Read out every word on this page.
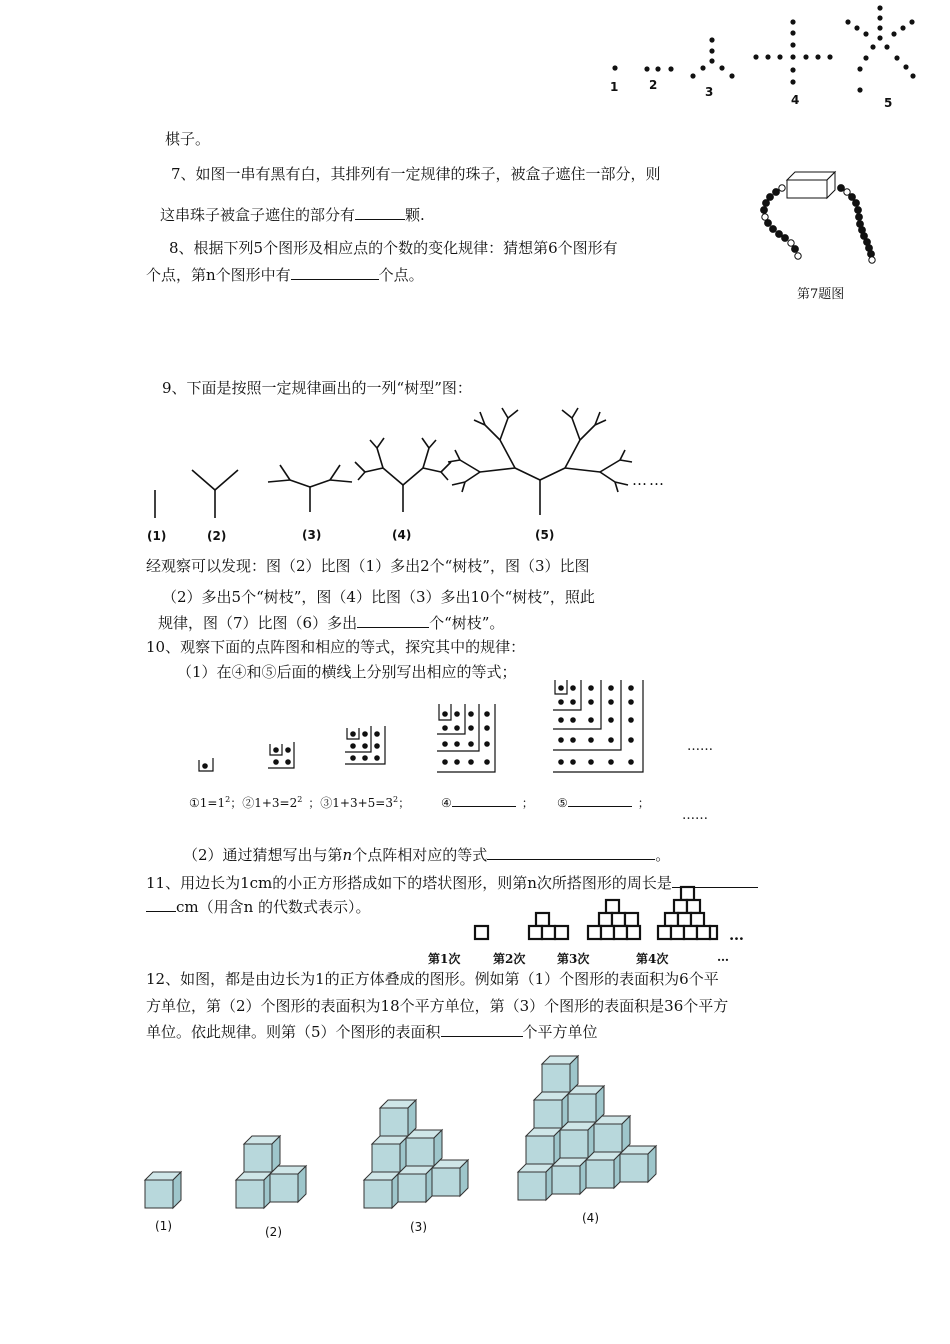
1	2	3
4	5
棋子。
7、如图一串有黑有白，其排列有一定规律的珠子，被盒子遮住一部分，则
这串珠子被盒子遮住的部分有	颗.
第7题图
8、根据下列5个图形及相应点的个数的变化规律：猜想第6个图形有
个点，第n个图形中有	个点。
9、下面是按照一定规律画出的一列“树型”图：
……
(1)	(2)	(3)	(4)	(5)
经观察可以发现：图（2）比图（1）多出2个“树枝”，图（3）比图
（2）多出5个“树枝”，图（4）比图（3）多出10个“树枝”，照此
规律，图（7）比图（6）多出	个“树枝”。
10、观察下面的点阵图和相应的等式，探究其中的规律：
（1）在④和⑤后面的横线上分别写出相应的等式；
……
$①1=1^2$；$②1+3=2^2$ ；$③1+3+5=3^2$；	④	； ⑤	；
……
（2）通过猜想写出与第n个点阵相对应的等式	。
11、用边长为1cm的小正方形搭成如下的塔状图形，则第n次所搭图形的周长是
cm（用含n 的代数式表示）。
…
第1次	第2次	第3次	第4次	…
12、如图，都是由边长为1的正方体叠成的图形。例如第（1）个图形的表面积为6个平
方单位，第（2）个图形的表面积为18个平方单位，第（3）个图形的表面积是36个平方
单位。依此规律。则第（5）个图形的表面积	个平方单位
(1)	(2)	(3)
(4)
